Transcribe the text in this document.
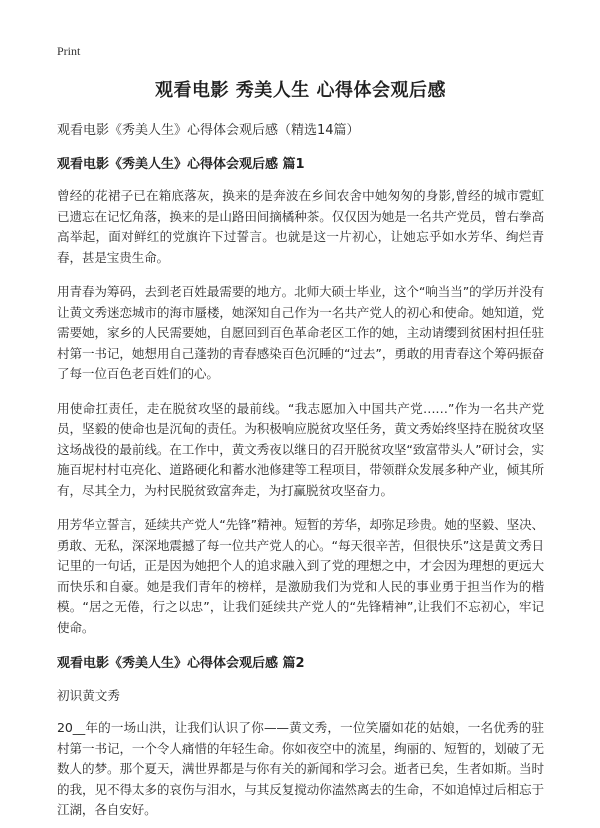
Print
观看电影 秀美人生 心得体会观后感
观看电影《秀美人生》心得体会观后感（精选14篇）
观看电影《秀美人生》心得体会观后感 篇1

曾经的花裙子已在箱底落灰，换来的是奔波在乡间农舍中她匆匆的身影,曾经的城市霓虹已遗忘在记忆角落，换来的是山路田间摘橘种茶。仅仅因为她是一名共产党员，曾右拳高高举起，面对鲜红的党旗许下过誓言。也就是这一片初心，让她忘乎如水芳华、绚烂青春，甚是宝贵生命。

用青春为筹码，去到老百姓最需要的地方。北师大硕士毕业，这个“响当当”的学历并没有让黄文秀迷恋城市的海市蜃楼，她深知自己作为一名共产党人的初心和使命。她知道，党需要她，家乡的人民需要她，自愿回到百色革命老区工作的她，主动请缨到贫困村担任驻村第一书记，她想用自己蓬勃的青春感染百色沉睡的“过去”，勇敢的用青春这个筹码振奋了每一位百色老百姓们的心。

用使命扛责任，走在脱贫攻坚的最前线。“我志愿加入中国共产党……”作为一名共产党员，坚毅的使命也是沉甸的责任。为积极响应脱贫攻坚任务，黄文秀始终坚持在脱贫攻坚这场战役的最前线。在工作中，黄文秀夜以继日的召开脱贫攻坚“致富带头人”研讨会，实施百坭村村屯亮化、道路硬化和蓄水池修建等工程项目，带领群众发展多种产业，倾其所有，尽其全力，为村民脱贫致富奔走，为打赢脱贫攻坚奋力。

用芳华立誓言，延续共产党人“先锋”精神。短暂的芳华，却弥足珍贵。她的坚毅、坚决、勇敢、无私，深深地震撼了每一位共产党人的心。“每天很辛苦，但很快乐”这是黄文秀日记里的一句话，正是因为她把个人的追求融入到了党的理想之中，才会因为理想的更远大而快乐和自豪。她是我们青年的榜样，是激励我们为党和人民的事业勇于担当作为的楷模。“居之无倦，行之以忠”，让我们延续共产党人的“先锋精神”,让我们不忘初心，牢记使命。

观看电影《秀美人生》心得体会观后感 篇2

初识黄文秀

20__年的一场山洪，让我们认识了你——黄文秀，一位笑靥如花的姑娘，一名优秀的驻村第一书记，一个令人痛惜的年轻生命。你如夜空中的流星，绚丽的、短暂的，划破了无数人的梦。那个夏天，满世界都是与你有关的新闻和学习会。逝者已矣，生者如斯。当时的我，见不得太多的哀伤与泪水，与其反复搅动你溘然离去的生命，不如追悼过后相忘于江湖，各自安好。
